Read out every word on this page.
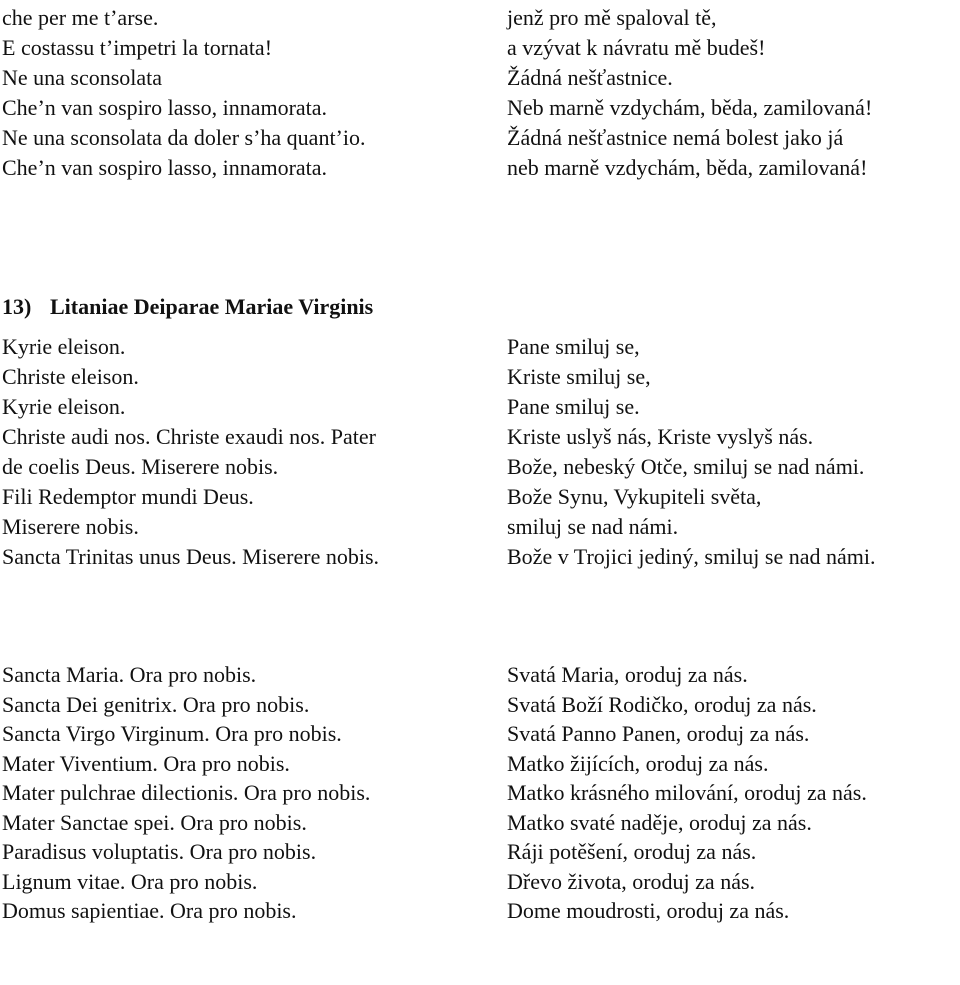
che per me t’arse.
E costassu t’impetri la tornata!
Ne una sconsolata
Che’n van sospiro lasso, innamorata.
Ne una sconsolata da doler s’ha quant’io.
Che’n van sospiro lasso, innamorata.
jenž pro mě spaloval tě,
a vzývat k návratu mě budeš!
Žádná nešťastnice.
Neb marně vzdychám, běda, zamilovaná!
Žádná nešťastnice nemá bolest jako já
neb marně vzdychám, běda, zamilovaná!
13) Litaniae Deiparae Mariae Virginis
Kyrie eleison.
Christe eleison.
Kyrie eleison.
Christe audi nos. Christe exaudi nos. Pater
de coelis Deus. Miserere nobis.
Fili Redemptor mundi Deus.
Miserere nobis.
Sancta Trinitas unus Deus. Miserere nobis.
Pane smiluj se,
Kriste smiluj se,
Pane smiluj se.
Kriste uslyš nás, Kriste vyslyš nás.
Bože, nebeský Otče, smiluj se nad námi.
Bože Synu, Vykupiteli světa,
smiluj se nad námi.
Bože v Trojici jediný, smiluj se nad námi.
Sancta Maria. Ora pro nobis.
Sancta Dei genitrix. Ora pro nobis.
Sancta Virgo Virginum. Ora pro nobis.
Mater Viventium. Ora pro nobis.
Mater pulchrae dilectionis. Ora pro nobis.
Mater Sanctae spei. Ora pro nobis.
Paradisus voluptatis. Ora pro nobis.
Lignum vitae. Ora pro nobis.
Domus sapientiae. Ora pro nobis.
Svatá Maria, oroduj za nás.
Svatá Boží Rodičko, oroduj za nás.
Svatá Panno Panen, oroduj za nás.
Matko žijících, oroduj za nás.
Matko krásného milování, oroduj za nás.
Matko svaté naděje, oroduj za nás.
Ráji potěšení, oroduj za nás.
Dřevo života, oroduj za nás.
Dome moudrosti, oroduj za nás.
